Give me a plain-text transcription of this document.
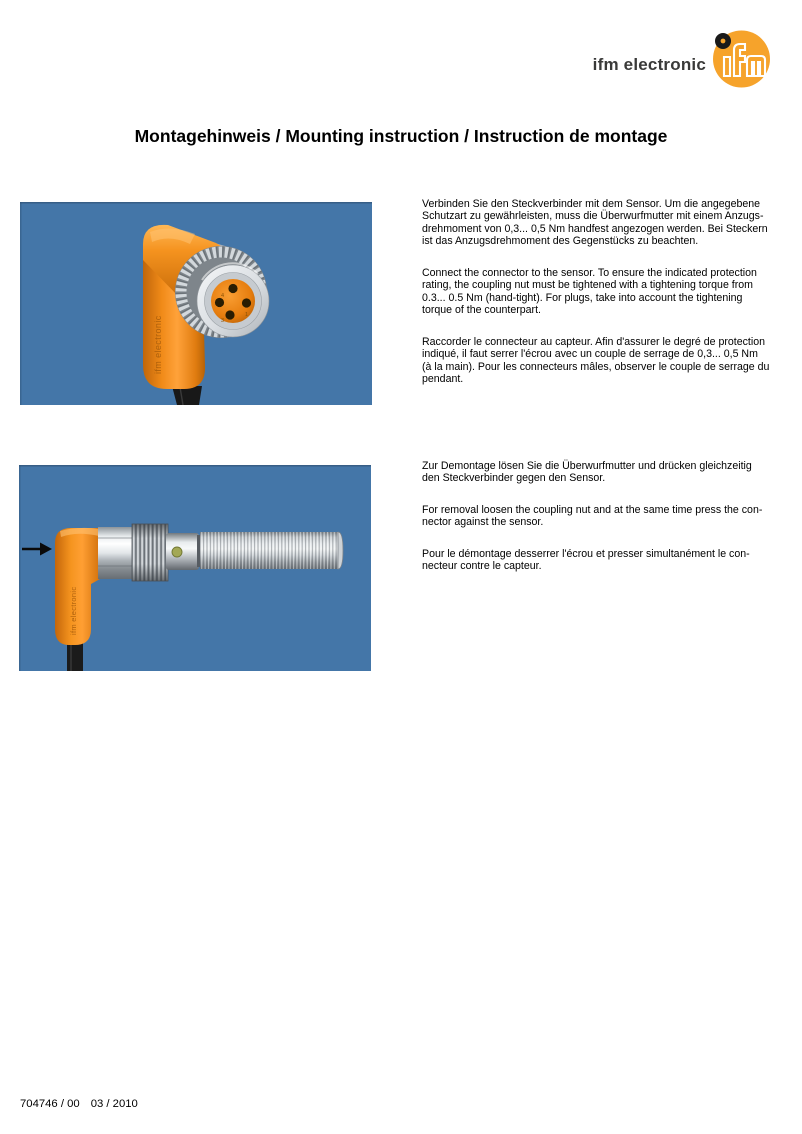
ifm electronic
Montagehinweis / Mounting instruction / Instruction de montage
ifm electronic
4
3
1
ifm electronic
Verbinden Sie den Steckverbinder mit dem Sensor. Um die angegebene
Schutzart zu gewährleisten, muss die Überwurfmutter mit einem Anzugs-
drehmoment von 0,3... 0,5 Nm handfest angezogen werden. Bei Steckern
ist das Anzugsdrehmoment des Gegenstücks zu beachten.
Connect the connector to the sensor. To ensure the indicated protection
rating, the coupling nut must be tightened with a tightening torque from
0.3... 0.5 Nm (hand-tight). For plugs, take into account the tightening
torque of the counterpart.
Raccorder le connecteur au capteur. Afin d'assurer le degré de protection
indiqué, il faut serrer l'écrou avec un couple de serrage de 0,3... 0,5 Nm
(à la main). Pour les connecteurs mâles, observer le couple de serrage du
pendant.
Zur Demontage lösen Sie die Überwurfmutter und drücken gleichzeitig
den Steckverbinder gegen den Sensor.
For removal loosen the coupling nut and at the same time press the con-
nector against the sensor.
Pour le démontage desserrer l'écrou et presser simultanément le con-
necteur contre le capteur.
704746 / 00 03 / 2010
